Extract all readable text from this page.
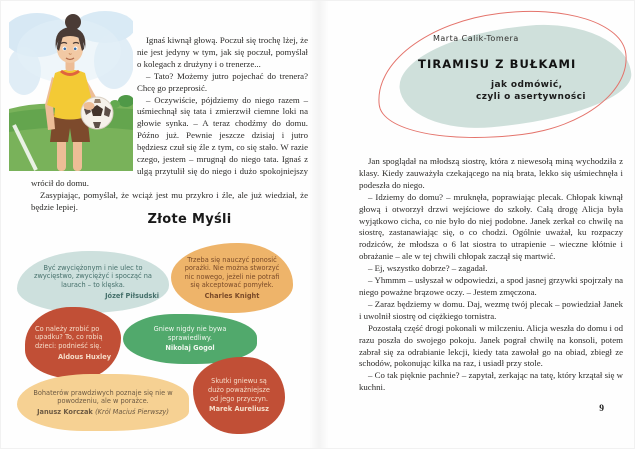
Ignaś kiwnął głową. Poczuł się trochę lżej, że nie jest jedyny w tym, jak się poczuł, pomyślał o kolegach z drużyny i o trenerze...

– Tato? Możemy jutro pojechać do trenera? Chcę go przeprosić.

– Oczywiście, pójdziemy do niego razem – uśmiechnął się tata i zmierzwił ciemne loki na głowie synka. – A teraz chodźmy do domu. Późno już. Pewnie jeszcze dzisiaj i jutro będziesz czuł się źle z tym, co się stało. W razie czego, jestem – mrugnął do niego tata. Ignaś z ulgą przytulił się do niego i dużo spokojniejszy wrócił do domu.

Zasypiając, pomyślał, że wciąż jest mu przykro i źle, ale już wiedział, że będzie lepiej.

Złote Myśli

Być zwyciężonym i nie ulec to zwycięstwo, zwyciężyć i spocząć na laurach – to klęska.

Józef Piłsudski

Trzeba się nauczyć ponosić porażki. Nie można stworzyć nic nowego, jeżeli nie potrafi się akceptować pomyłek.

Charles Knight

Co należy zrobić po upadku? To, co robią dzieci: podnieść się.

Aldous Huxley

Gniew nigdy nie bywa sprawiedliwy.

Nikolaj Gogol

Bohaterów prawdziwych poznaje się nie w powodzeniu, ale w porażce.

Janusz Korczak (Król Maciuś Pierwszy)

Skutki gniewu są dużo poważniejsze od jego przyczyn.

Marek Aureliusz

Marta Calik-Tomera
TIRAMISU Z BUŁKAMI
jak odmówić,
czyli o asertywności

Jan spoglądał na młodszą siostrę, która z niewesołą miną wychodziła z klasy. Kiedy zauważyła czekającego na nią brata, lekko się uśmiechnęła i podeszła do niego.

– Idziemy do domu? – mruknęła, poprawiając plecak. Chłopak kiwnął głową i otworzył drzwi wejściowe do szkoły. Całą drogę Alicja była wyjątkowo cicha, co nie było do niej podobne. Janek zerkał co chwilę na siostrę, zastanawiając się, o co chodzi. Ogólnie uważał, ku rozpaczy rodziców, że młodsza o 6 lat siostra to utrapienie – wieczne kłótnie i obrażanie – ale w tej chwili chłopak zaczął się martwić.

– Ej, wszystko dobrze? – zagadał.

– Yhmmm – usłyszał w odpowiedzi, a spod jasnej grzywki spojrzały na niego poważne brązowe oczy. – Jestem zmęczona.

– Zaraz będziemy w domu. Daj, wezmę twój plecak – powiedział Janek i uwolnił siostrę od ciężkiego tornistra.

Pozostałą część drogi pokonali w milczeniu. Alicja weszła do domu i od razu poszła do swojego pokoju. Janek pograł chwilę na konsoli, potem zabrał się za odrabianie lekcji, kiedy tata zawołał go na obiad, zbiegł ze schodów, pokonując kilka na raz, i usiadł przy stole.

– Co tak pięknie pachnie? – zapytał, zerkając na tatę, który krzątał się w kuchni.

9
